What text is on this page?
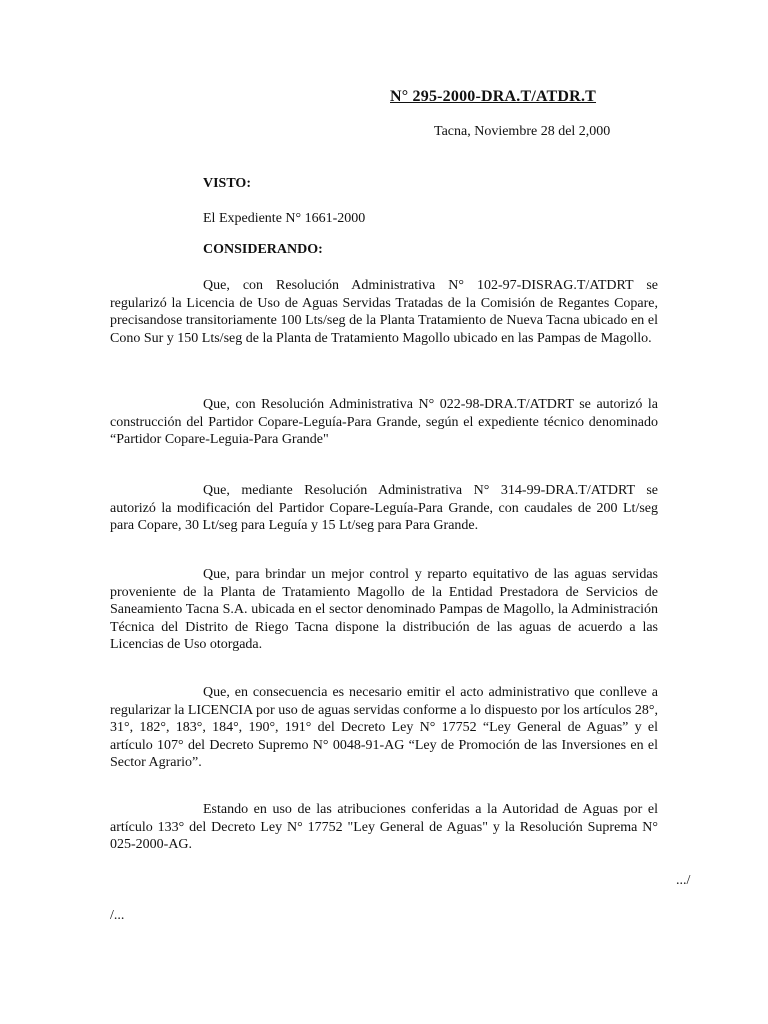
N° 295-2000-DRA.T/ATDR.T
Tacna, Noviembre 28 del 2,000
VISTO:
El Expediente N° 1661-2000
CONSIDERANDO:

Que, con Resolución Administrativa N° 102-97-DISRAG.T/ATDRT se regularizó la Licencia de Uso de Aguas Servidas Tratadas de la Comisión de Regantes Copare, precisandose transitoriamente 100 Lts/seg de la Planta Tratamiento de Nueva Tacna ubicado en el Cono Sur y 150 Lts/seg de la Planta de Tratamiento Magollo ubicado en las Pampas de Magollo.

Que, con Resolución Administrativa N° 022-98-DRA.T/ATDRT se autorizó la construcción del Partidor Copare-Leguía-Para Grande, según el expediente técnico denominado “Partidor Copare-Leguia-Para Grande"

Que, mediante Resolución Administrativa N° 314-99-DRA.T/ATDRT se autorizó la modificación del Partidor Copare-Leguía-Para Grande, con caudales de 200 Lt/seg para Copare, 30 Lt/seg para Leguía y 15 Lt/seg para Para Grande.

Que, para brindar un mejor control y reparto equitativo de las aguas servidas proveniente de la Planta de Tratamiento Magollo de la Entidad Prestadora de Servicios de Saneamiento Tacna S.A. ubicada en el sector denominado Pampas de Magollo, la Administración Técnica del Distrito de Riego Tacna dispone la distribución de las aguas de acuerdo a las Licencias de Uso otorgada.

Que, en consecuencia es necesario emitir el acto administrativo que conlleve a regularizar la LICENCIA por uso de aguas servidas conforme a lo dispuesto por los artículos 28°, 31°, 182°, 183°, 184°, 190°, 191° del Decreto Ley N° 17752 “Ley General de Aguas” y el artículo 107° del Decreto Supremo N° 0048-91-AG “Ley de Promoción de las Inversiones en el Sector Agrario”.

Estando en uso de las atribuciones conferidas a la Autoridad de Aguas por el artículo 133° del Decreto Ley N° 17752 "Ley General de Aguas" y la Resolución Suprema N° 025-2000-AG.

.../
/...
